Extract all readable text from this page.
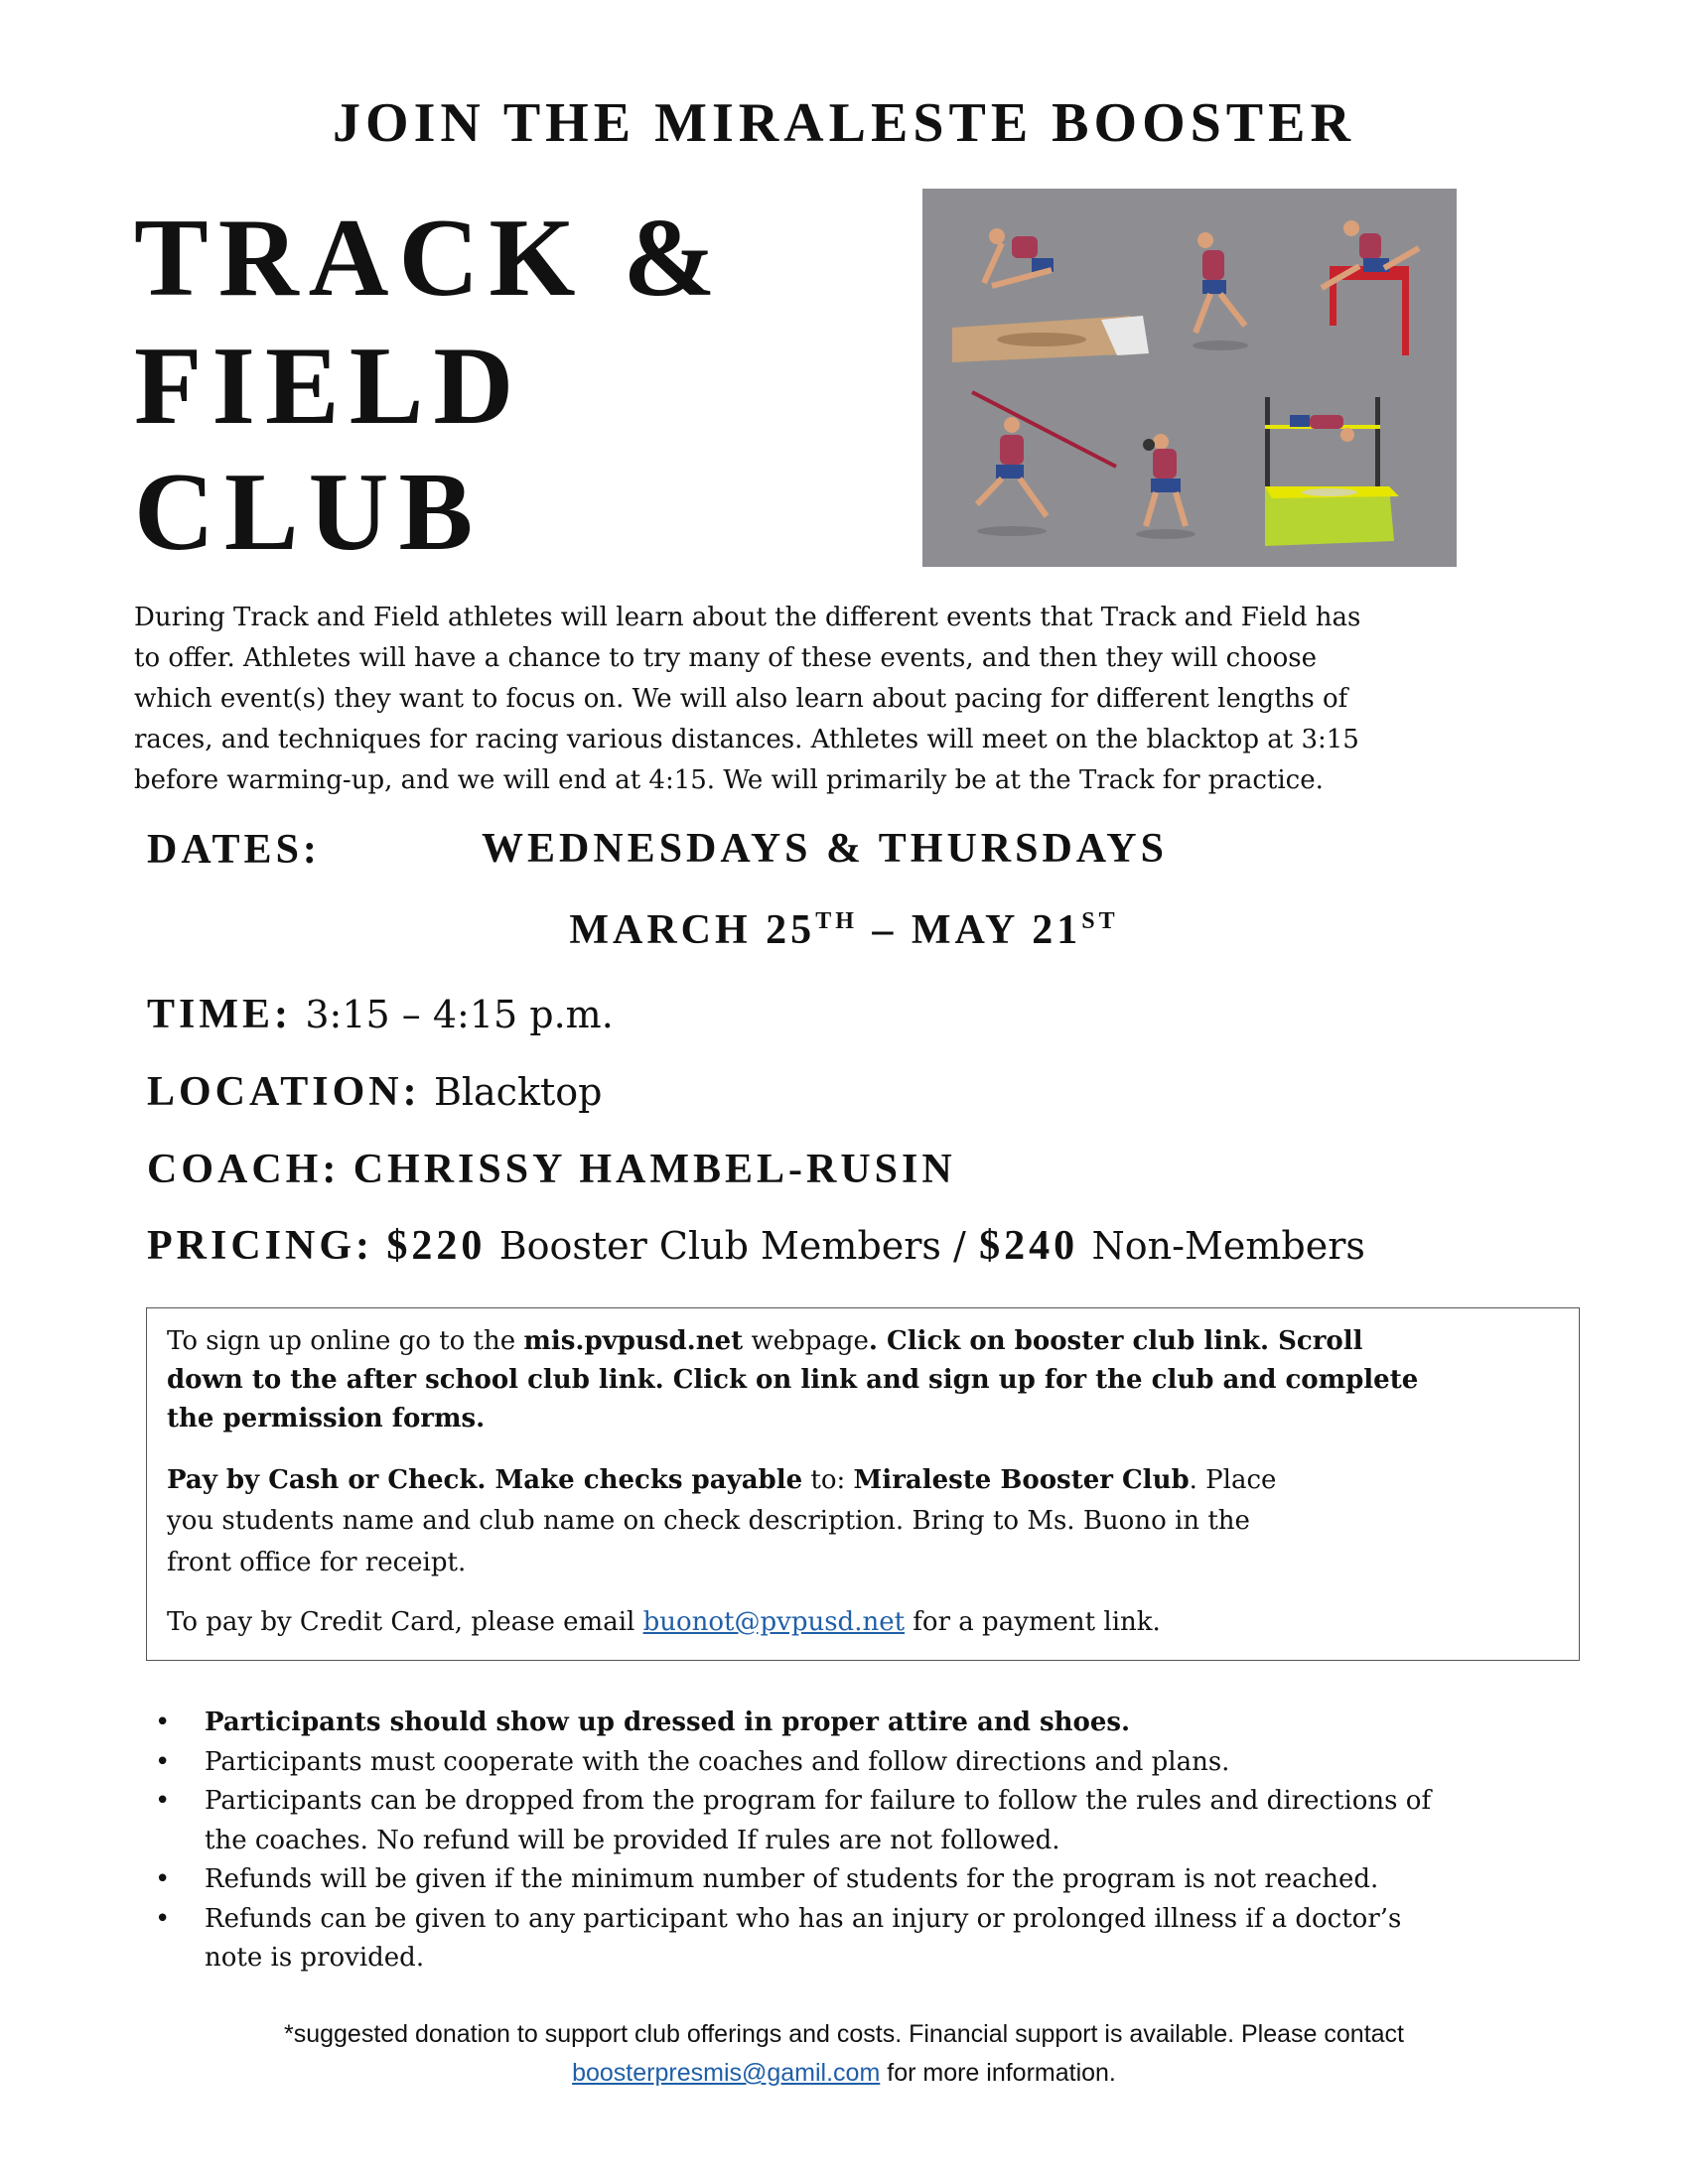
JOIN THE MIRALESTE BOOSTER
TRACK &
FIELD
CLUB
During Track and Field athletes will learn about the different events that Track and Field has
to offer. Athletes will have a chance to try many of these events, and then they will choose
which event(s) they want to focus on. We will also learn about pacing for different lengths of
races, and techniques for racing various distances. Athletes will meet on the blacktop at 3:15
before warming-up, and we will end at 4:15. We will primarily be at the Track for practice.
DATES:	WEDNESDAYS & THURSDAYS
MARCH 25TH – MAY 21ST
TIME: 3:15 – 4:15 p.m.
LOCATION: Blacktop
COACH: CHRISSY HAMBEL-RUSIN
PRICING: $220 Booster Club Members / $240 Non-Members

To sign up online go to the mis.pvpusd.net webpage. Click on booster club link. Scroll

down to the after school club link. Click on link and sign up for the club and complete

the permission forms.

Pay by Cash or Check. Make checks payable to: Miraleste Booster Club. Place

you students name and club name on check description. Bring to Ms. Buono in the

front office for receipt.

To pay by Credit Card, please email buonot@pvpusd.net for a payment link.

• Participants should show up dressed in proper attire and shoes.
• Participants must cooperate with the coaches and follow directions and plans.
• Participants can be dropped from the program for failure to follow the rules and directions of
the coaches. No refund will be provided If rules are not followed.
• Refunds will be given if the minimum number of students for the program is not reached.
• Refunds can be given to any participant who has an injury or prolonged illness if a doctor’s
note is provided.
*suggested donation to support club offerings and costs. Financial support is available. Please contact
boosterpresmis@gamil.com for more information.
